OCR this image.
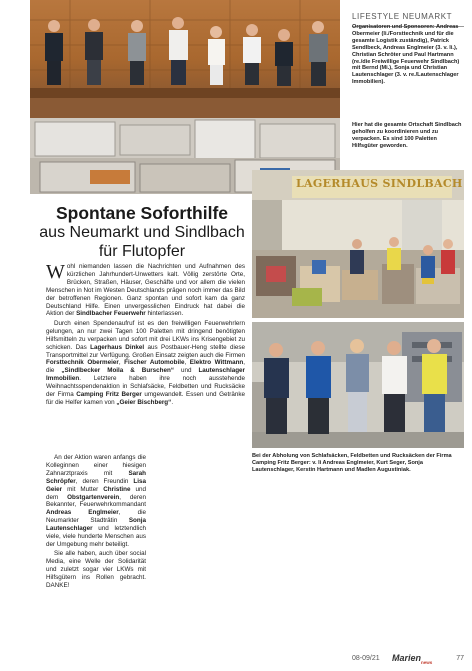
LIFESTYLE NEUMARKT
Organisatoren und Sponsoren: Andreas Obermeier (li./Forsttechnik und für die gesamte Logistik zuständig), Patrick Sendlbeck, Andreas Englmeier (3. v. li.), Christian Schröter und Paul Hartmann (re./die Freiwillige Feuerwehr Sindlbach) mit Bernd (Mi.), Sonja und Christian Lautenschlager (3. v. re./Lautenschlager Immobilien).
Hier hat die gesamte Ortschaft Sindlbach geholfen zu koordinieren und zu verpacken. Es sind 100 Paletten Hilfsgüter geworden.
LAGERHAUS SINDLBACH
Spontane Soforthilfe
aus Neumarkt und Sindlbach
für Flutopfer

Wohl niemanden lassen die Nachrichten und Aufnahmen des kürzlichen Jahrhundert-Unwetters kalt. Völlig zerstörte Orte, Brücken, Straßen, Häuser, Geschäfte und vor allem die vielen Menschen in Not im Westen Deutschlands prägen noch immer das Bild der betroffenen Regionen. Ganz spontan und sofort kam da ganz Deutschland Hilfe. Einen unvergesslichen Eindruck hat dabei die Aktion der Sindlbacher Feuerwehr hinterlassen.

Durch einen Spendenaufruf ist es den freiwilligen Feuerwehrlern gelungen, an nur zwei Tagen 100 Paletten mit dringend benötigten Hilfsmitteln zu verpacken und sofort mit drei LKWs ins Krisengebiet zu schicken. Das Lagerhaus Dinkel aus Postbauer-Heng stellte diese Transportmittel zur Verfügung. Großen Einsatz zeigten auch die Firmen Forsttechnik Obermeier, Fischer Automobile, Elektro Wittmann, die „Sindlbecker Moila & Burschen“ und Lautenschlager Immobilien. Letztere haben ihre noch ausstehende Weihnachtsspendenaktion in Schlafsäcke, Feldbetten und Rucksäcke der Firma Camping Fritz Berger umgewandelt. Essen und Getränke für die Helfer kamen von „Geier Bischberg“.

An der Aktion waren anfangs die Kolleginnen einer hiesigen Zahnarztpraxis mit Sarah Schröpfer, deren Freundin Lisa Geier mit Mutter Christine und dem Obstgartenverein, deren Bekannter, Feuerwehrkommandant Andreas Englmeier, die Neumarkter Stadträtin Sonja Lautenschlager und letztendlich viele, viele hunderte Menschen aus der Umgebung mehr beteiligt.

Sie alle haben, auch über social Media, eine Welle der Solidarität und zuletzt sogar vier LKWs mit Hilfsgütern ins Rollen gebracht. DANKE!

Bei der Abholung von Schlafsäcken, Feldbetten und Rucksäcken der Firma Camping Fritz Berger: v. li Andreas Englmeier, Kurt Seger, Sonja Lautenschlager, Kerstin Hartmann und Madlen Augustiniak.
08-09/21 Marien$_{news}$
77
